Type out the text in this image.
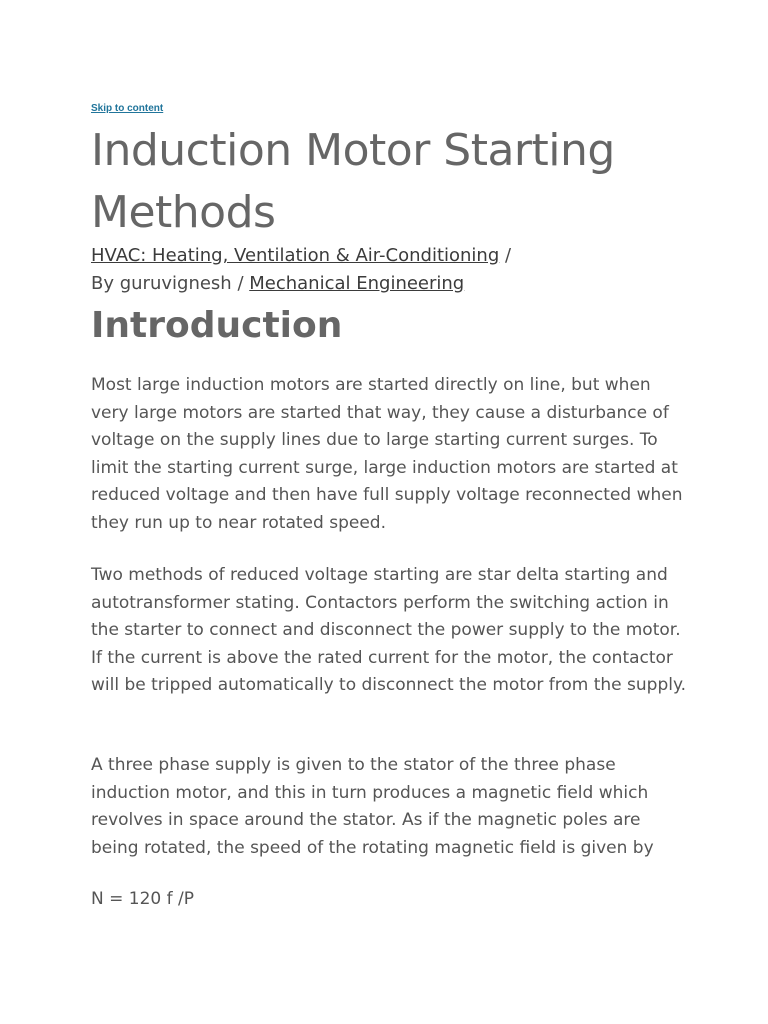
Skip to content
Induction Motor Starting Methods
HVAC: Heating, Ventilation & Air-Conditioning /
By guruvignesh / Mechanical Engineering
Introduction

Most large induction motors are started directly on line, but when very large motors are started that way, they cause a disturbance of voltage on the supply lines due to large starting current surges. To limit the starting current surge, large induction motors are started at reduced voltage and then have full supply voltage reconnected when they run up to near rotated speed.

Two methods of reduced voltage starting are star delta starting and autotransformer stating. Contactors perform the switching action in the starter to connect and disconnect the power supply to the motor. If the current is above the rated current for the motor, the contactor will be tripped automatically to disconnect the motor from the supply.

A three phase supply is given to the stator of the three phase induction motor, and this in turn produces a magnetic field which revolves in space around the stator. As if the magnetic poles are being rotated, the speed of the rotating magnetic field is given by

N = 120 f /P
